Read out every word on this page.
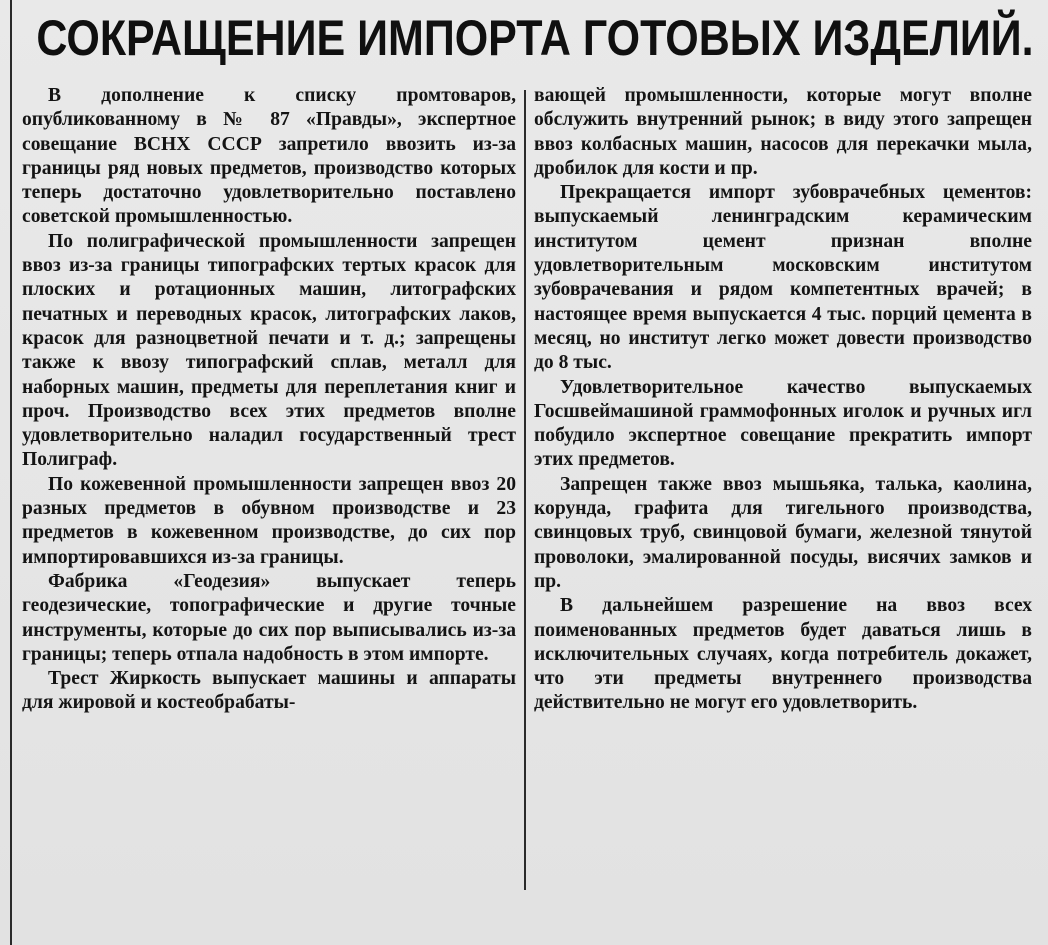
СОКРАЩЕНИЕ ИМПОРТА ГОТОВЫХ ИЗДЕЛИЙ.

В дополнение к списку промтоваров, опубликованному в № 87 «Правды», экспертное совещание ВСНХ СССР запретило ввозить из-за границы ряд новых предметов, производство которых теперь достаточно удовлетворительно поставлено советской промышленностью.

По полиграфической промышленности запрещен ввоз из-за границы типографских тертых красок для плоских и ротационных машин, литографских печатных и переводных красок, литографских лаков, красок для разноцветной печати и т. д.; запрещены также к ввозу типографский сплав, металл для наборных машин, предметы для переплетания книг и проч. Производство всех этих предметов вполне удовлетворительно наладил государственный трест Полиграф.

По кожевенной промышленности запрещен ввоз 20 разных предметов в обувном производстве и 23 предметов в кожевенном производстве, до сих пор импортировавшихся из-за границы.

Фабрика «Геодезия» выпускает теперь геодезические, топографические и другие точные инструменты, которые до сих пор выписывались из-за границы; теперь отпала надобность в этом импорте.

Трест Жиркость выпускает машины и аппараты для жировой и костеобрабаты-

вающей промышленности, которые могут вполне обслужить внутренний рынок; в виду этого запрещен ввоз колбасных машин, насосов для перекачки мыла, дробилок для кости и пр.

Прекращается импорт зубоврачебных цементов: выпускаемый ленинградским керамическим институтом цемент признан вполне удовлетворительным московским институтом зубоврачевания и рядом компетентных врачей; в настоящее время выпускается 4 тыс. порций цемента в месяц, но институт легко может довести производство до 8 тыс.

Удовлетворительное качество выпускаемых Госшвеймашиной граммофонных иголок и ручных игл побудило экспертное совещание прекратить импорт этих предметов.

Запрещен также ввоз мышьяка, талька, каолина, корунда, графита для тигельного производства, свинцовых труб, свинцовой бумаги, железной тянутой проволоки, эмалированной посуды, висячих замков и пр.

В дальнейшем разрешение на ввоз всех поименованных предметов будет даваться лишь в исключительных случаях, когда потребитель докажет, что эти предметы внутреннего производства действительно не могут его удовлетворить.
